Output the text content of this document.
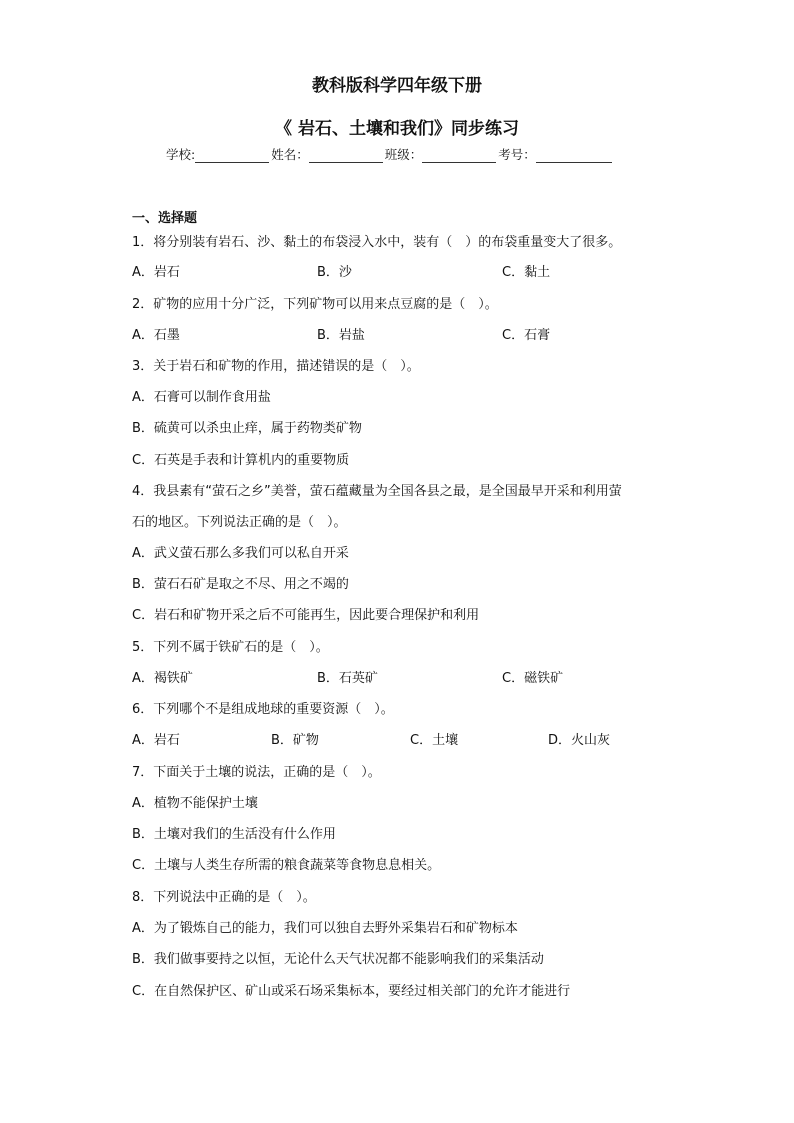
教科版科学四年级下册
《 岩石、土壤和我们》同步练习
学校:	姓名：	班级：	考号：
一、选择题
1．将分别装有岩石、沙、黏土的布袋浸入水中，装有（　）的布袋重量变大了很多。
A．岩石	B．沙	C．黏土
2．矿物的应用十分广泛，下列矿物可以用来点豆腐的是（　）。
A．石墨	B．岩盐	C．石膏
3．关于岩石和矿物的作用，描述错误的是（　）。
A．石膏可以制作食用盐
B．硫黄可以杀虫止痒，属于药物类矿物
C．石英是手表和计算机内的重要物质
4．我县素有“萤石之乡”美誉，萤石蕴藏量为全国各县之最，是全国最早开采和利用萤
石的地区。下列说法正确的是（　）。
A．武义萤石那么多我们可以私自开采
B．萤石石矿是取之不尽、用之不竭的
C．岩石和矿物开采之后不可能再生，因此要合理保护和利用
5．下列不属于铁矿石的是（　）。
A．褐铁矿	B．石英矿	C．磁铁矿
6．下列哪个不是组成地球的重要资源（　）。
A．岩石	B．矿物	C．土壤	D．火山灰
7．下面关于土壤的说法，正确的是（　）。
A．植物不能保护土壤
B．土壤对我们的生活没有什么作用
C．土壤与人类生存所需的粮食蔬菜等食物息息相关。
8．下列说法中正确的是（　）。
A．为了锻炼自己的能力，我们可以独自去野外采集岩石和矿物标本
B．我们做事要持之以恒，无论什么天气状况都不能影响我们的采集活动
C．在自然保护区、矿山或采石场采集标本，要经过相关部门的允许才能进行
